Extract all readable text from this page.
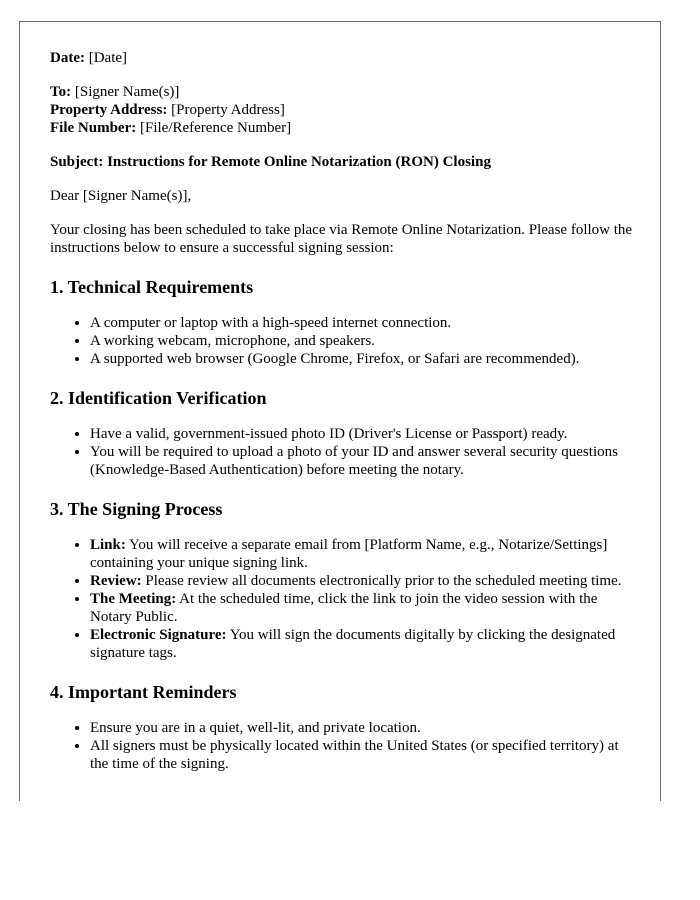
Date: [Date]

To: [Signer Name(s)]

Property Address: [Property Address]

File Number: [File/Reference Number]

Subject: Instructions for Remote Online Notarization (RON) Closing

Dear [Signer Name(s)],

Your closing has been scheduled to take place via Remote Online Notarization. Please follow the instructions below to ensure a successful signing session:

1. Technical Requirements
• A computer or laptop with a high-speed internet connection.
• A working webcam, microphone, and speakers.
• A supported web browser (Google Chrome, Firefox, or Safari are recommended).
2. Identification Verification
• Have a valid, government-issued photo ID (Driver's License or Passport) ready.
• You will be required to upload a photo of your ID and answer several security questions (Knowledge-Based Authentication) before meeting the notary.
3. The Signing Process
• Link: You will receive a separate email from [Platform Name, e.g., Notarize/Settings] containing your unique signing link.
• Review: Please review all documents electronically prior to the scheduled meeting time.
• The Meeting: At the scheduled time, click the link to join the video session with the Notary Public.
• Electronic Signature: You will sign the documents digitally by clicking the designated signature tags.
4. Important Reminders
• Ensure you are in a quiet, well-lit, and private location.
• All signers must be physically located within the United States (or specified territory) at the time of the signing.
